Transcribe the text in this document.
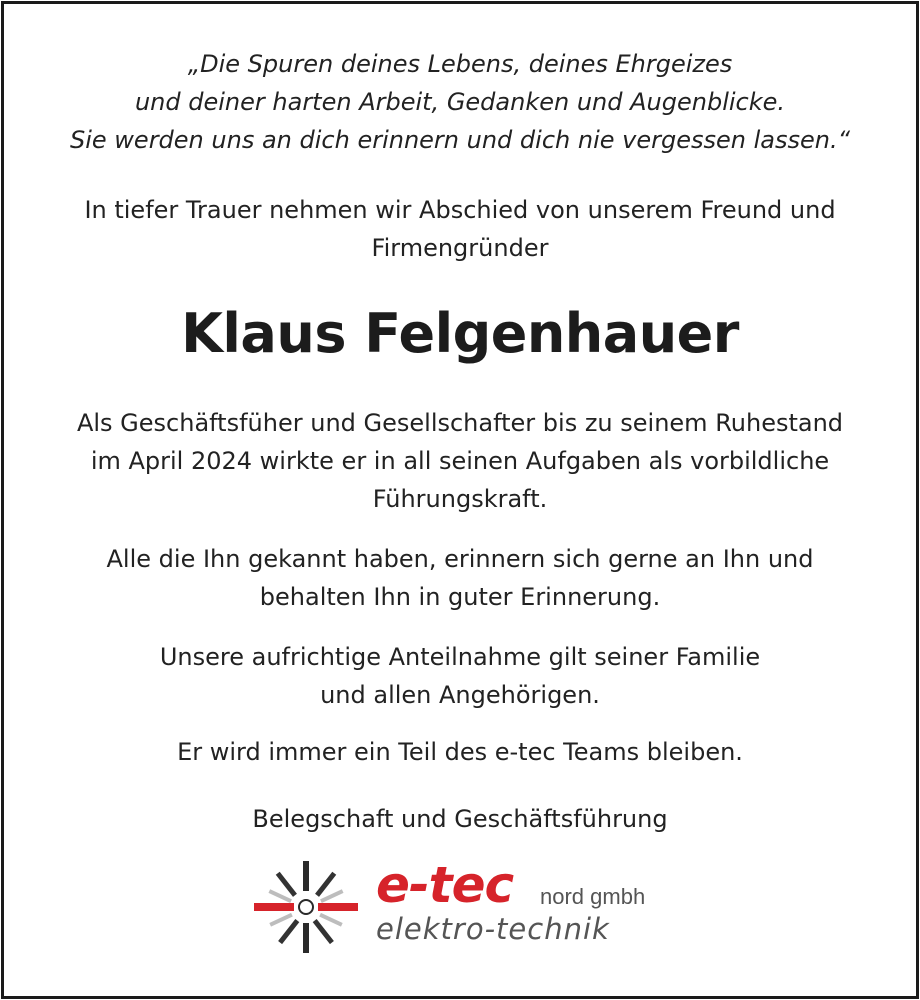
„Die Spuren deines Lebens, deines Ehrgeizes
und deiner harten Arbeit, Gedanken und Augenblicke.
Sie werden uns an dich erinnern und dich nie vergessen lassen.“
In tiefer Trauer nehmen wir Abschied von unserem Freund und
Firmengründer
Klaus Felgenhauer
Als Geschäftsfüher und Gesellschafter bis zu seinem Ruhestand
im April 2024 wirkte er in all seinen Aufgaben als vorbildliche
Führungskraft.
Alle die Ihn gekannt haben, erinnern sich gerne an Ihn und
behalten Ihn in guter Erinnerung.
Unsere aufrichtige Anteilnahme gilt seiner Familie
und allen Angehörigen.
Er wird immer ein Teil des e-tec Teams bleiben.
Belegschaft und Geschäftsführung
e-tec nord gmbh
elektro-technik
